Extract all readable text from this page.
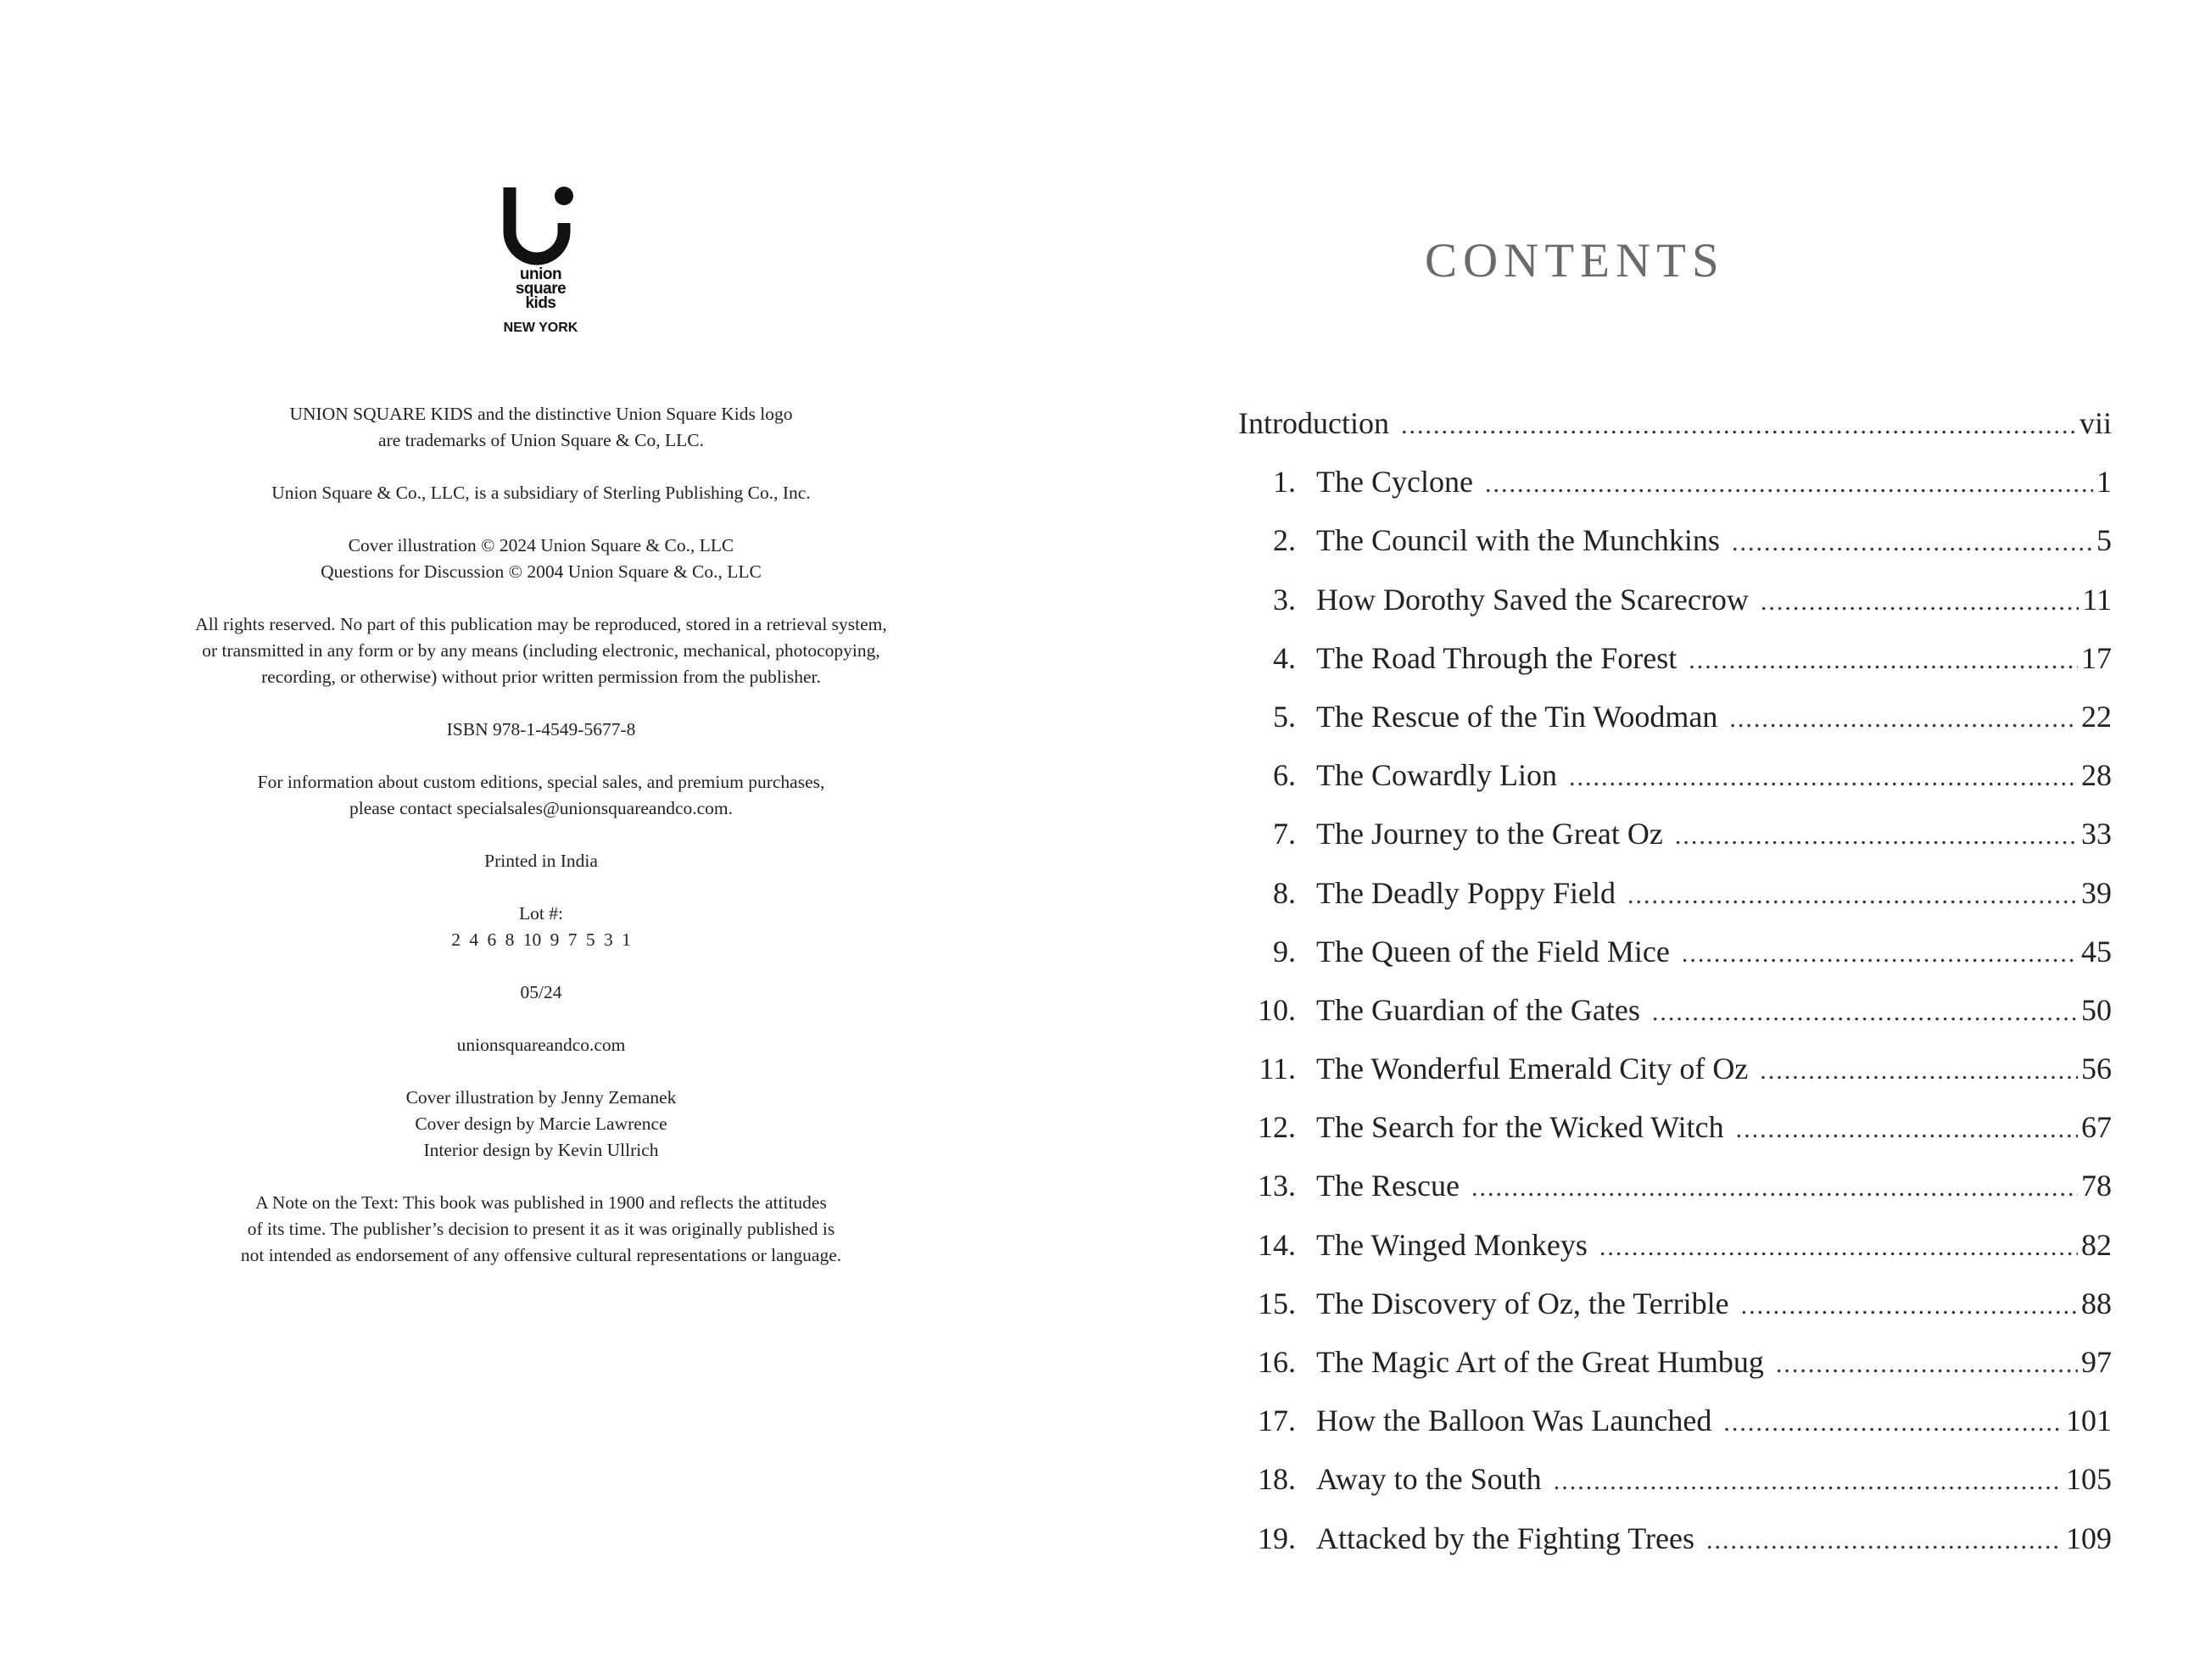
union
square
kids
NEW YORK

UNION SQUARE KIDS and the distinctive Union Square Kids logo
are trademarks of Union Square & Co, LLC.

Union Square & Co., LLC, is a subsidiary of Sterling Publishing Co., Inc.

Cover illustration © 2024 Union Square & Co., LLC
Questions for Discussion © 2004 Union Square & Co., LLC

All rights reserved. No part of this publication may be reproduced, stored in a retrieval system,
or transmitted in any form or by any means (including electronic, mechanical, photocopying,
recording, or otherwise) without prior written permission from the publisher.

ISBN 978-1-4549-5677-8

For information about custom editions, special sales, and premium purchases,
please contact specialsales@unionsquareandco.com.

Printed in India

Lot #:
2 4 6 8 10 9 7 5 3 1

05/24

unionsquareandco.com

Cover illustration by Jenny Zemanek
Cover design by Marcie Lawrence
Interior design by Kevin Ullrich

A Note on the Text: This book was published in 1900 and reflects the attitudes
of its time. The publisher’s decision to present it as it was originally published is
not intended as endorsement of any offensive cultural representations or language.

CONTENTS
Introduction .....	vii
1. The Cyclone .....	1
2. The Council with the Munchkins .....	5
3. How Dorothy Saved the Scarecrow .....	11
4. The Road Through the Forest .....	17
5. The Rescue of the Tin Woodman .....	22
6. The Cowardly Lion .....	28
7. The Journey to the Great Oz .....	33
8. The Deadly Poppy Field .....	39
9. The Queen of the Field Mice .....	45
10. The Guardian of the Gates .....	50
11. The Wonderful Emerald City of Oz .....	56
12. The Search for the Wicked Witch .....	67
13. The Rescue .....	78
14. The Winged Monkeys .....	82
15. The Discovery of Oz, the Terrible .....	88
16. The Magic Art of the Great Humbug .....	97
17. How the Balloon Was Launched .....	101
18. Away to the South .....	105
19. Attacked by the Fighting Trees .....	109
